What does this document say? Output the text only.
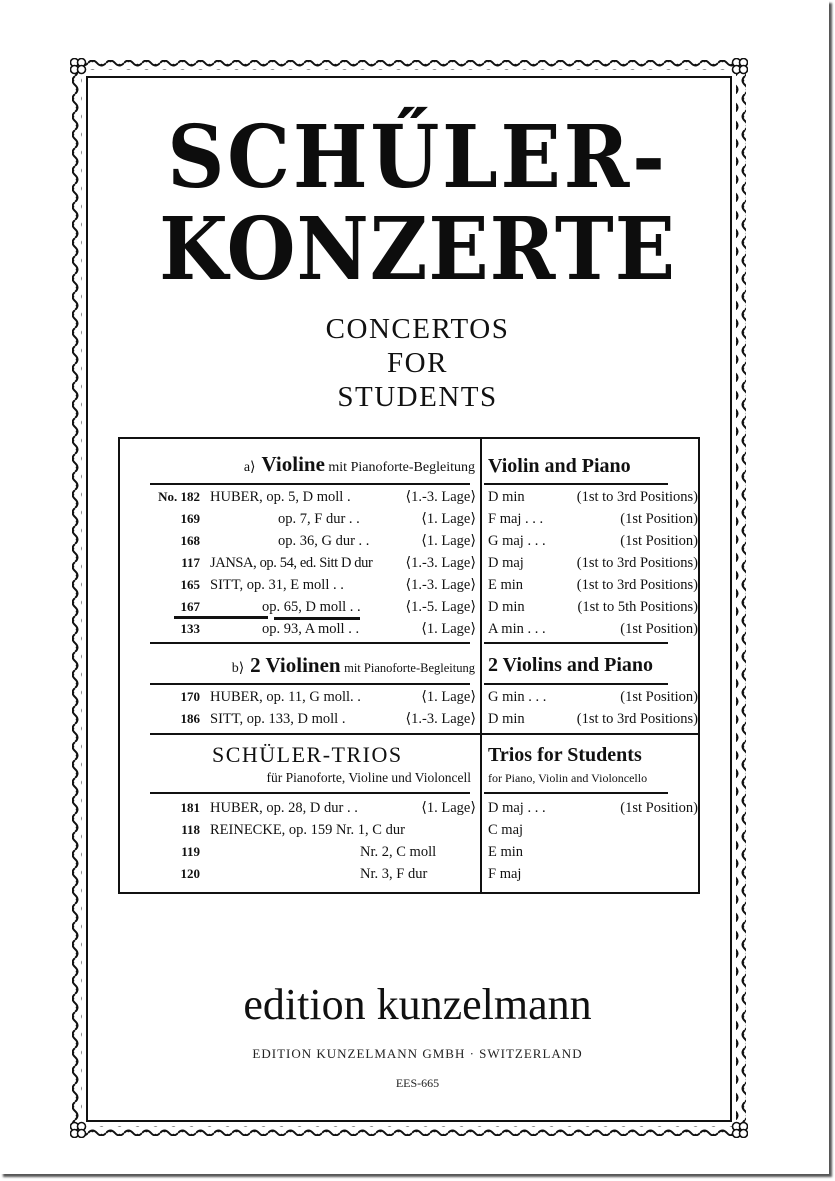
SCHŰLER-
KONZERTE
CONCERTOS
FOR
STUDENTS
a⟩ Violine mit Pianoforte-Begleitung Violin and Piano
No. 182 HUBER, op. 5, D moll .	⟨1.-3. Lage⟩ D min	(1st to 3rd Positions)
169	op. 7, F dur . .	⟨1. Lage⟩ F maj . . .	(1st Position)
168	op. 36, G dur . .	⟨1. Lage⟩ G maj . . .	(1st Position)
117 JANSA, op. 54, ed. Sitt D dur	⟨1.-3. Lage⟩ D maj	(1st to 3rd Positions)
165 SITT, op. 31, E moll . .	⟨1.-3. Lage⟩ E min	(1st to 3rd Positions)
167	op. 65, D moll . .	⟨1.-5. Lage⟩ D min	(1st to 5th Positions)
133	op. 93, A moll . .	⟨1. Lage⟩ A min . . .	(1st Position)
b⟩ 2 Violinen mit Pianoforte-Begleitung 2 Violins and Piano
170 HUBER, op. 11, G moll. .	⟨1. Lage⟩ G min . . .	(1st Position)
186 SITT, op. 133, D moll .	⟨1.-3. Lage⟩ D min	(1st to 3rd Positions)
SCHÜLER-TRIOS
für Pianoforte, Violine und Violoncell
Trios for Students
for Piano, Violin and Violoncello
181 HUBER, op. 28, D dur . .	⟨1. Lage⟩ D maj . . .	(1st Position)
118 REINECKE, op. 159 Nr. 1, C dur	C maj
119	Nr. 2, C moll	E min
120	Nr. 3, F dur	F maj
edition kunzelmann
EDITION KUNZELMANN GMBH · SWITZERLAND
EES-665
